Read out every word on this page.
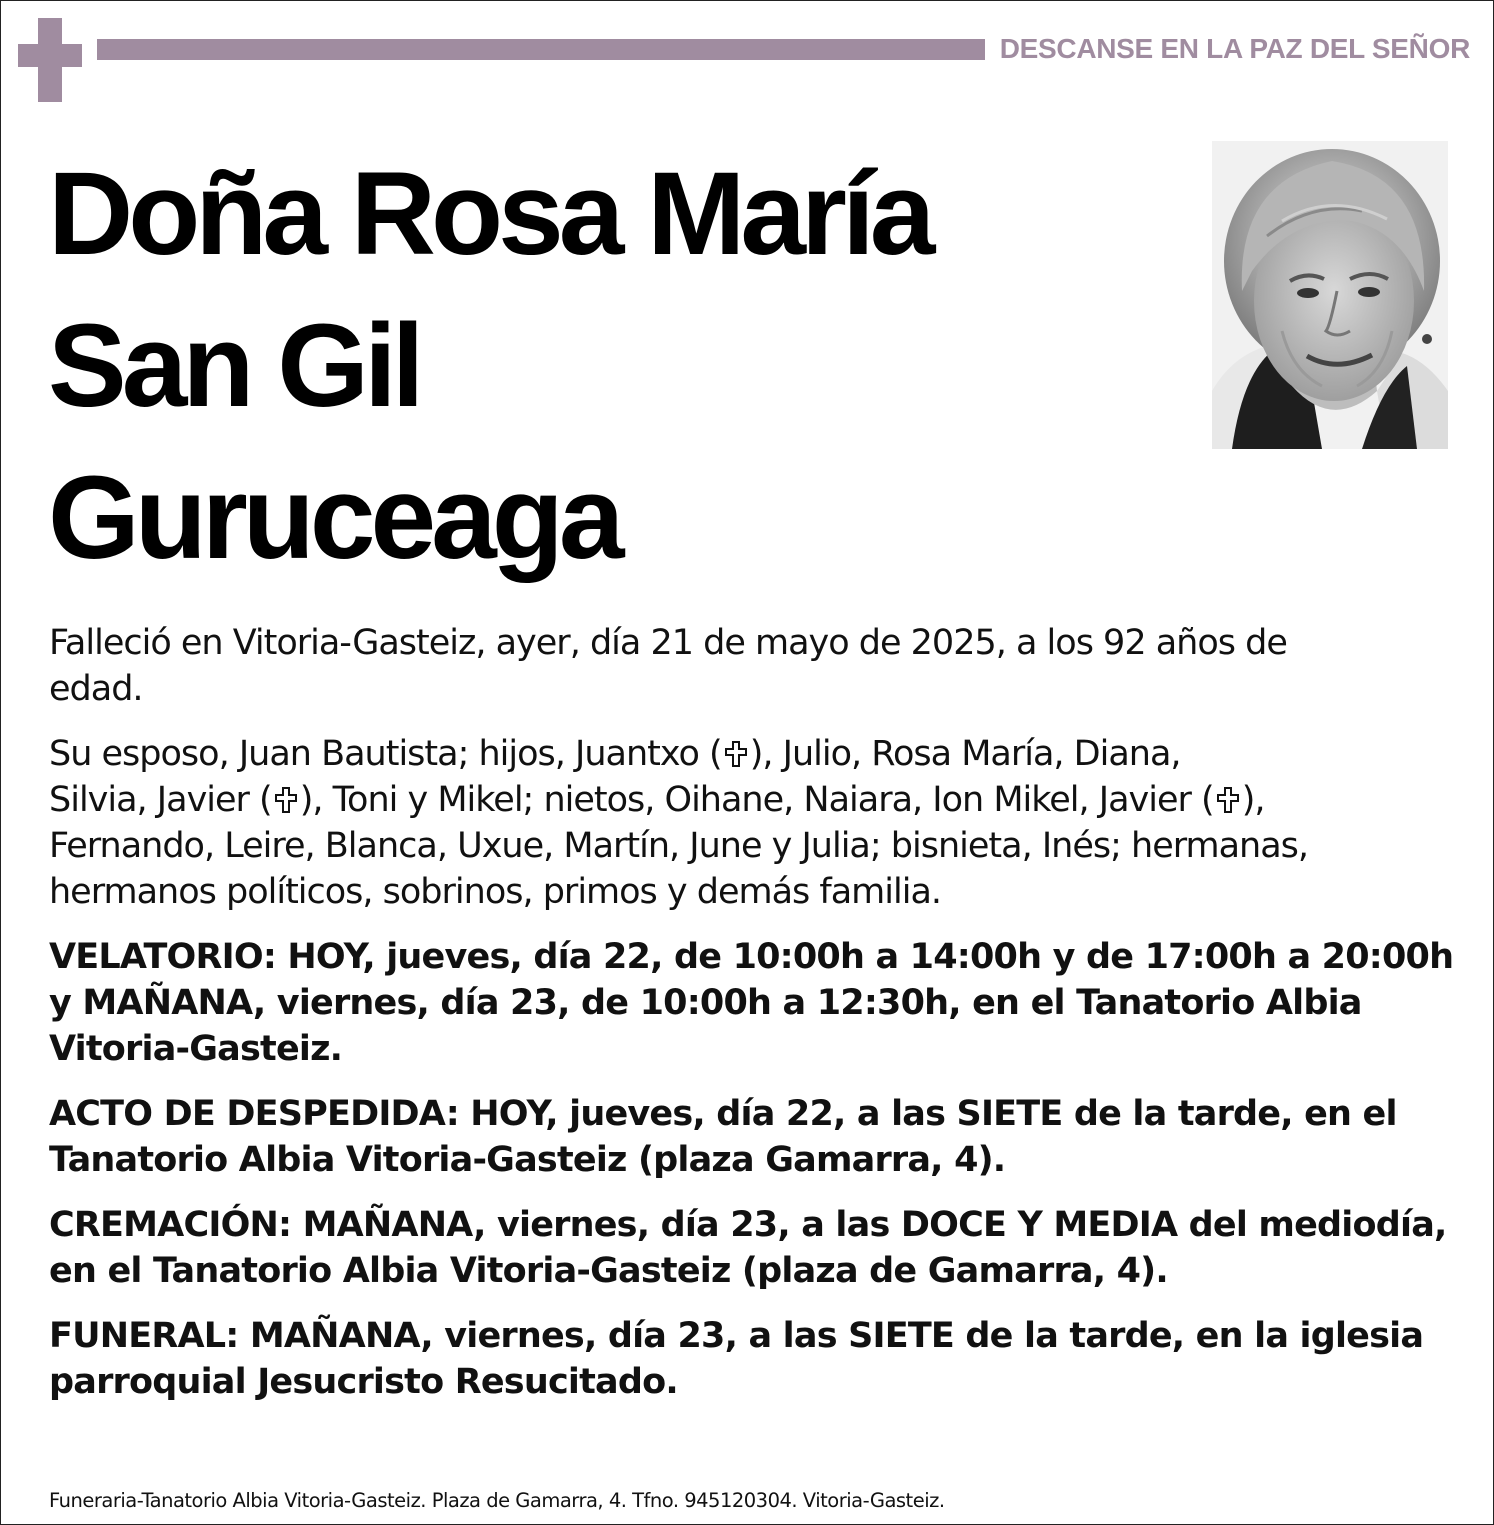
DESCANSE EN LA PAZ DEL SEÑOR
Doña Rosa María
San Gil
Guruceaga

Falleció en Vitoria-Gasteiz, ayer, día 21 de mayo de 2025, a los 92 años de
edad.

Su esposo, Juan Bautista; hijos, Juantxo ( ), Julio, Rosa María, Diana,
Silvia, Javier ( ), Toni y Mikel; nietos, Oihane, Naiara, Ion Mikel, Javier ( ),
Fernando, Leire, Blanca, Uxue, Martín, June y Julia; bisnieta, Inés; hermanas,
hermanos políticos, sobrinos, primos y demás familia.

VELATORIO: HOY, jueves, día 22, de 10:00h a 14:00h y de 17:00h a 20:00h
y MAÑANA, viernes, día 23, de 10:00h a 12:30h, en el Tanatorio Albia
Vitoria-Gasteiz.

ACTO DE DESPEDIDA: HOY, jueves, día 22, a las SIETE de la tarde, en el
Tanatorio Albia Vitoria-Gasteiz (plaza Gamarra, 4).

CREMACIÓN: MAÑANA, viernes, día 23, a las DOCE Y MEDIA del mediodía,
en el Tanatorio Albia Vitoria-Gasteiz (plaza de Gamarra, 4).

FUNERAL: MAÑANA, viernes, día 23, a las SIETE de la tarde, en la iglesia
parroquial Jesucristo Resucitado.

Funeraria-Tanatorio Albia Vitoria-Gasteiz. Plaza de Gamarra, 4. Tfno. 945120304. Vitoria-Gasteiz.
